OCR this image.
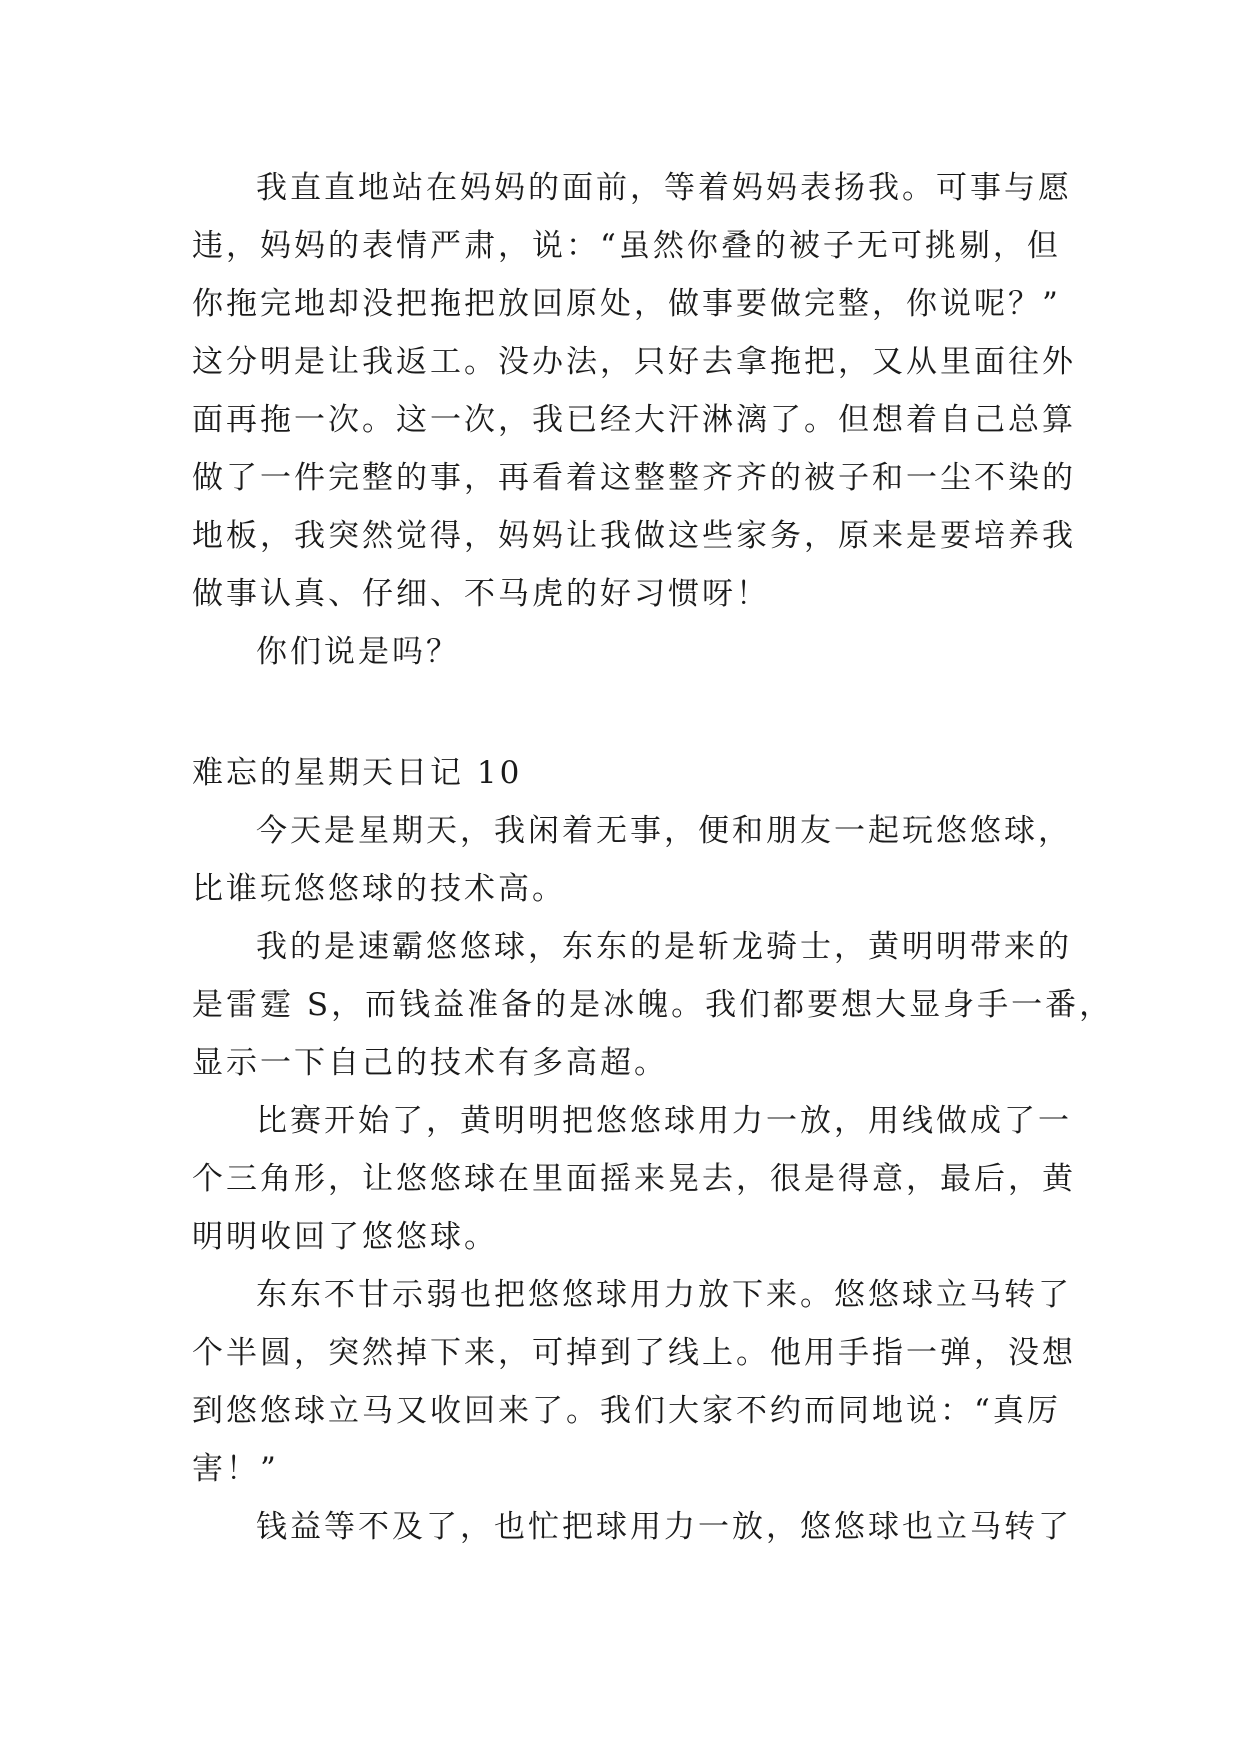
我直直地站在妈妈的面前，等着妈妈表扬我。可事与愿
违，妈妈的表情严肃，说：“虽然你叠的被子无可挑剔，但
你拖完地却没把拖把放回原处，做事要做完整，你说呢？”
这分明是让我返工。没办法，只好去拿拖把，又从里面往外
面再拖一次。这一次，我已经大汗淋漓了。但想着自己总算
做了一件完整的事，再看着这整整齐齐的被子和一尘不染的
地板，我突然觉得，妈妈让我做这些家务，原来是要培养我
做事认真、仔细、不马虎的好习惯呀！
你们说是吗？
难忘的星期天日记 10
今天是星期天，我闲着无事，便和朋友一起玩悠悠球，
比谁玩悠悠球的技术高。
我的是速霸悠悠球，东东的是斩龙骑士，黄明明带来的
是雷霆 S，而钱益准备的是冰魄。我们都要想大显身手一番，
显示一下自己的技术有多高超。
比赛开始了，黄明明把悠悠球用力一放，用线做成了一
个三角形，让悠悠球在里面摇来晃去，很是得意，最后，黄
明明收回了悠悠球。
东东不甘示弱也把悠悠球用力放下来。悠悠球立马转了
个半圆，突然掉下来，可掉到了线上。他用手指一弹，没想
到悠悠球立马又收回来了。我们大家不约而同地说：“真厉
害！”
钱益等不及了，也忙把球用力一放，悠悠球也立马转了
